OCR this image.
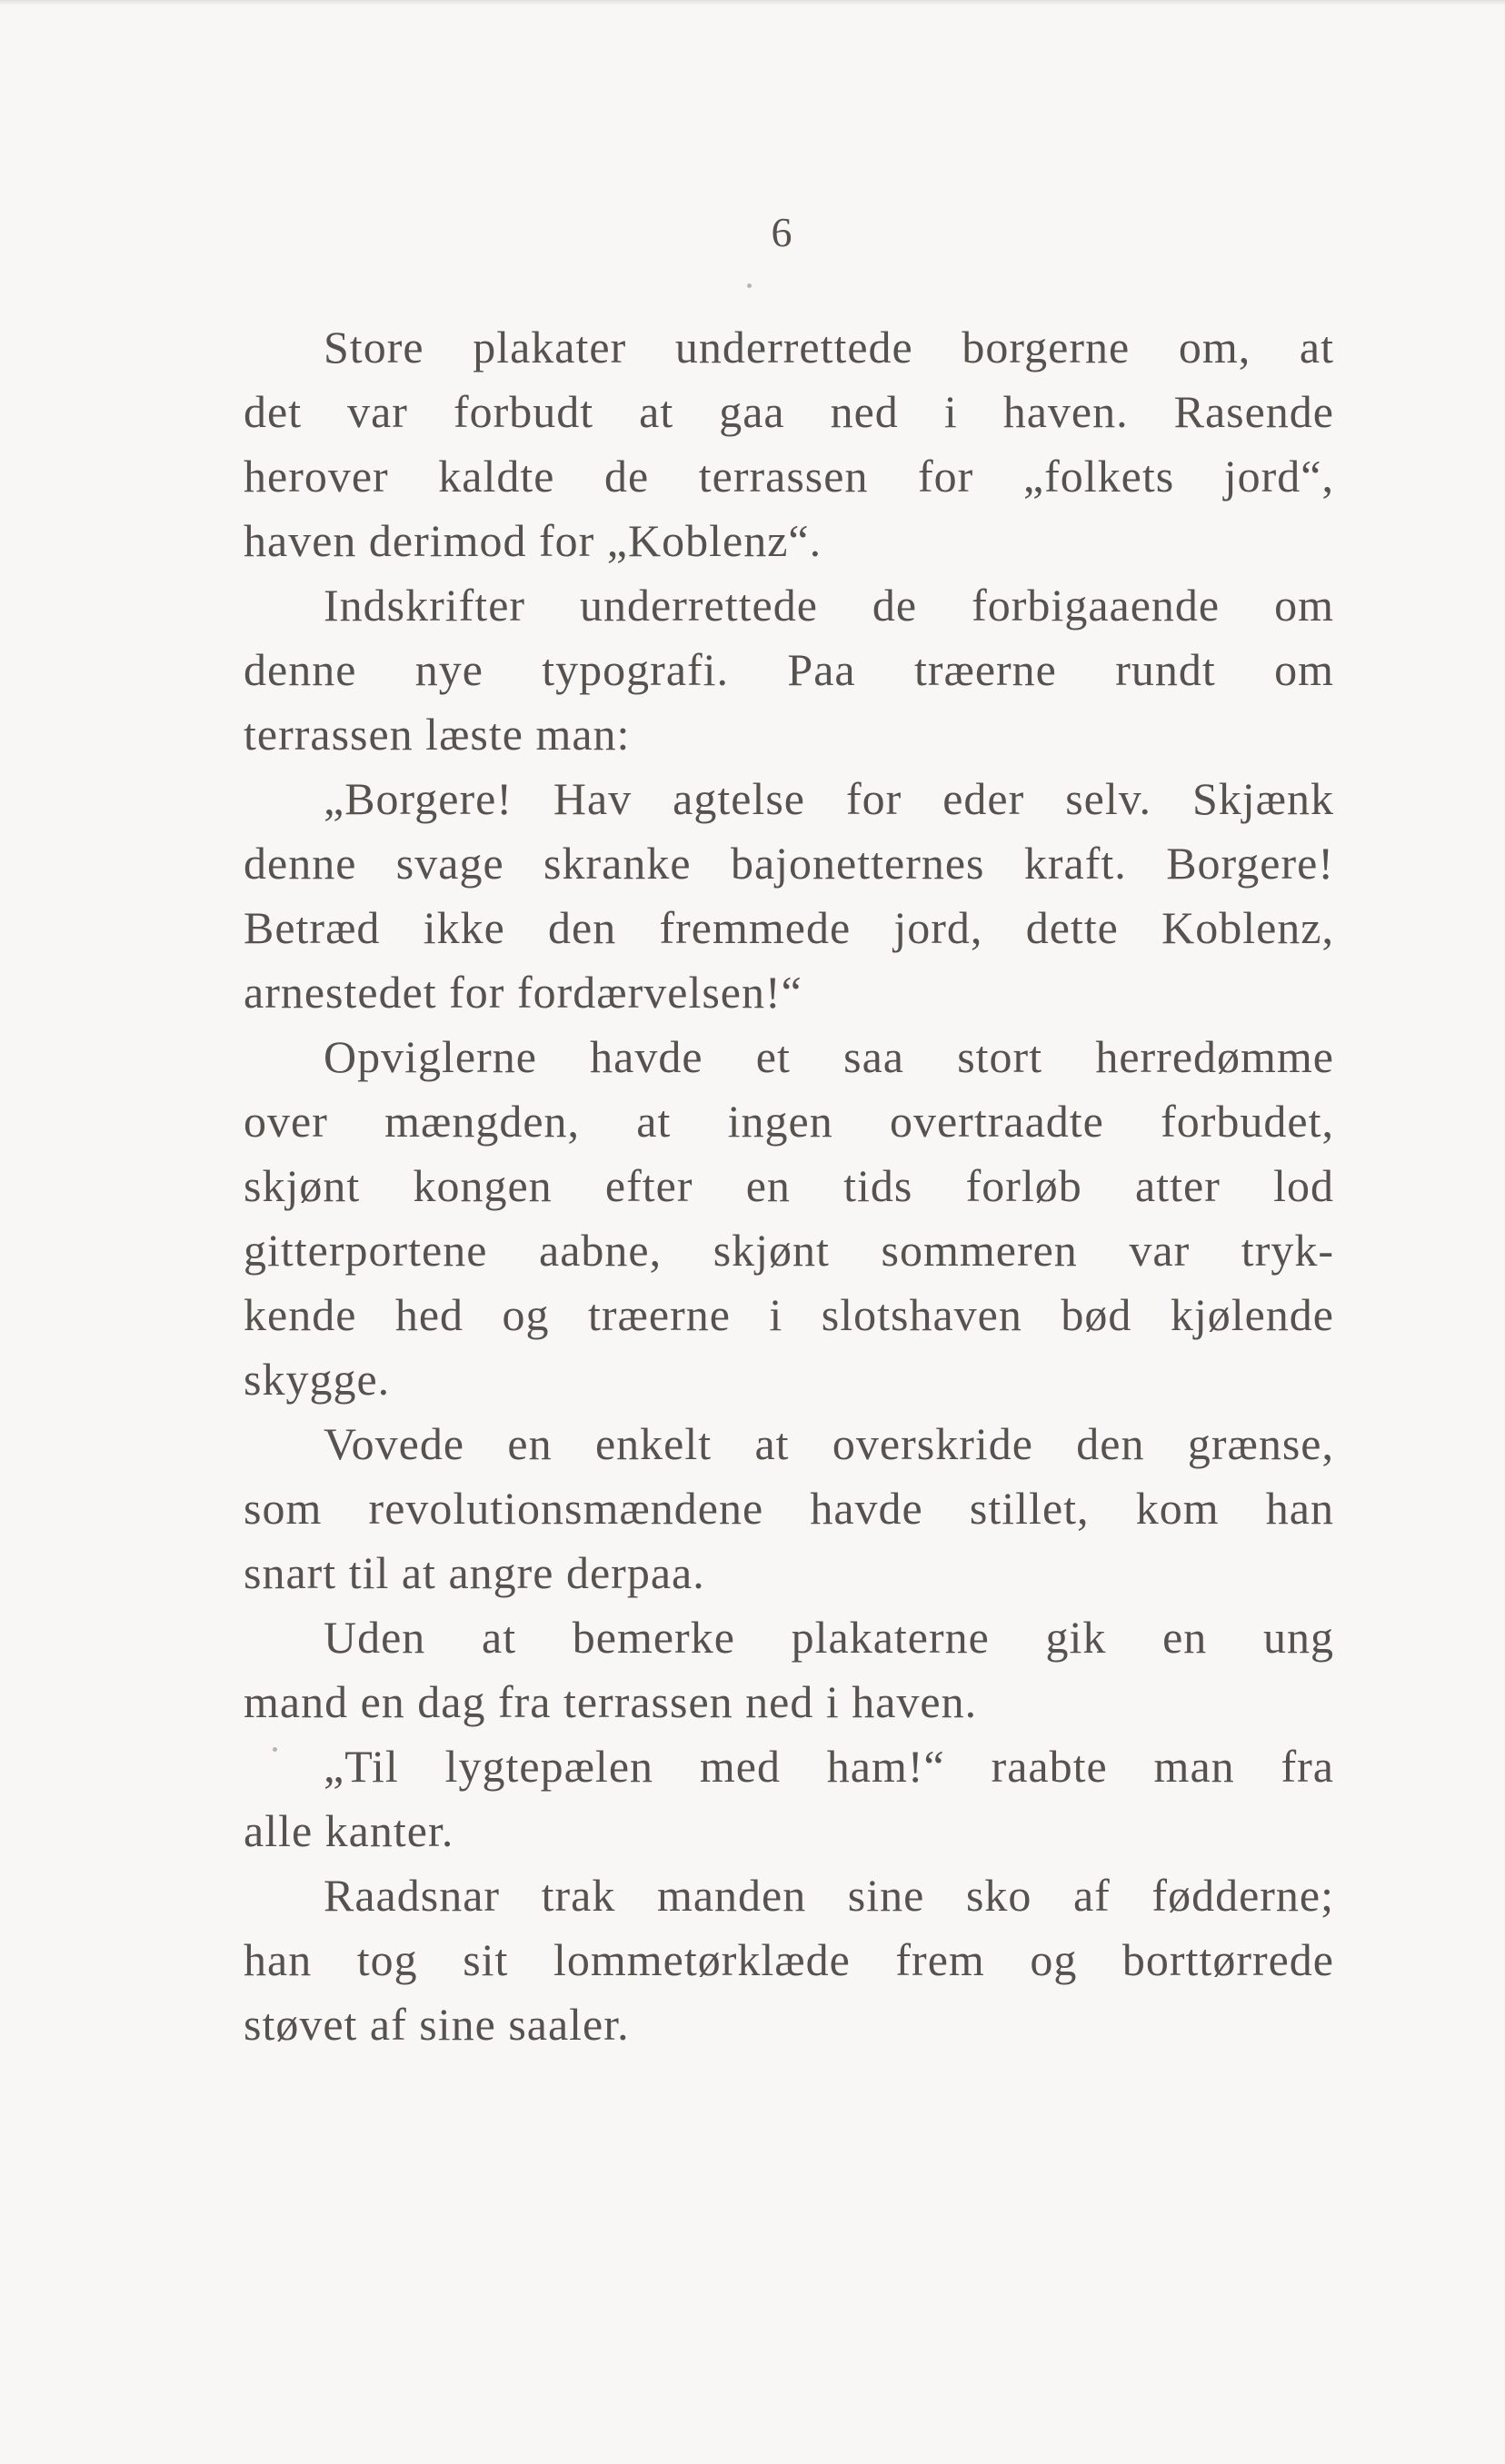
6

Store plakater underrettede borgerne om, at
det var forbudt at gaa ned i haven. Rasende
herover kaldte de terrassen for „folkets jord“,
haven derimod for „Koblenz“.

Indskrifter underrettede de forbigaaende om
denne nye typografi. Paa træerne rundt om
terrassen læste man:

„Borgere! Hav agtelse for eder selv. Skjænk
denne svage skranke bajonetternes kraft. Borgere!
Betræd ikke den fremmede jord, dette Koblenz,
arnestedet for fordærvelsen!“

Opviglerne havde et saa stort herredømme
over mængden, at ingen overtraadte forbudet,
skjønt kongen efter en tids forløb atter lod
gitterportene aabne, skjønt sommeren var tryk-
kende hed og træerne i slotshaven bød kjølende
skygge.

Vovede en enkelt at overskride den grænse,
som revolutionsmændene havde stillet, kom han
snart til at angre derpaa.

Uden at bemerke plakaterne gik en ung
mand en dag fra terrassen ned i haven.

„Til lygtepælen med ham!“ raabte man fra
alle kanter.

Raadsnar trak manden sine sko af fødderne;
han tog sit lommetørklæde frem og borttørrede
støvet af sine saaler.
